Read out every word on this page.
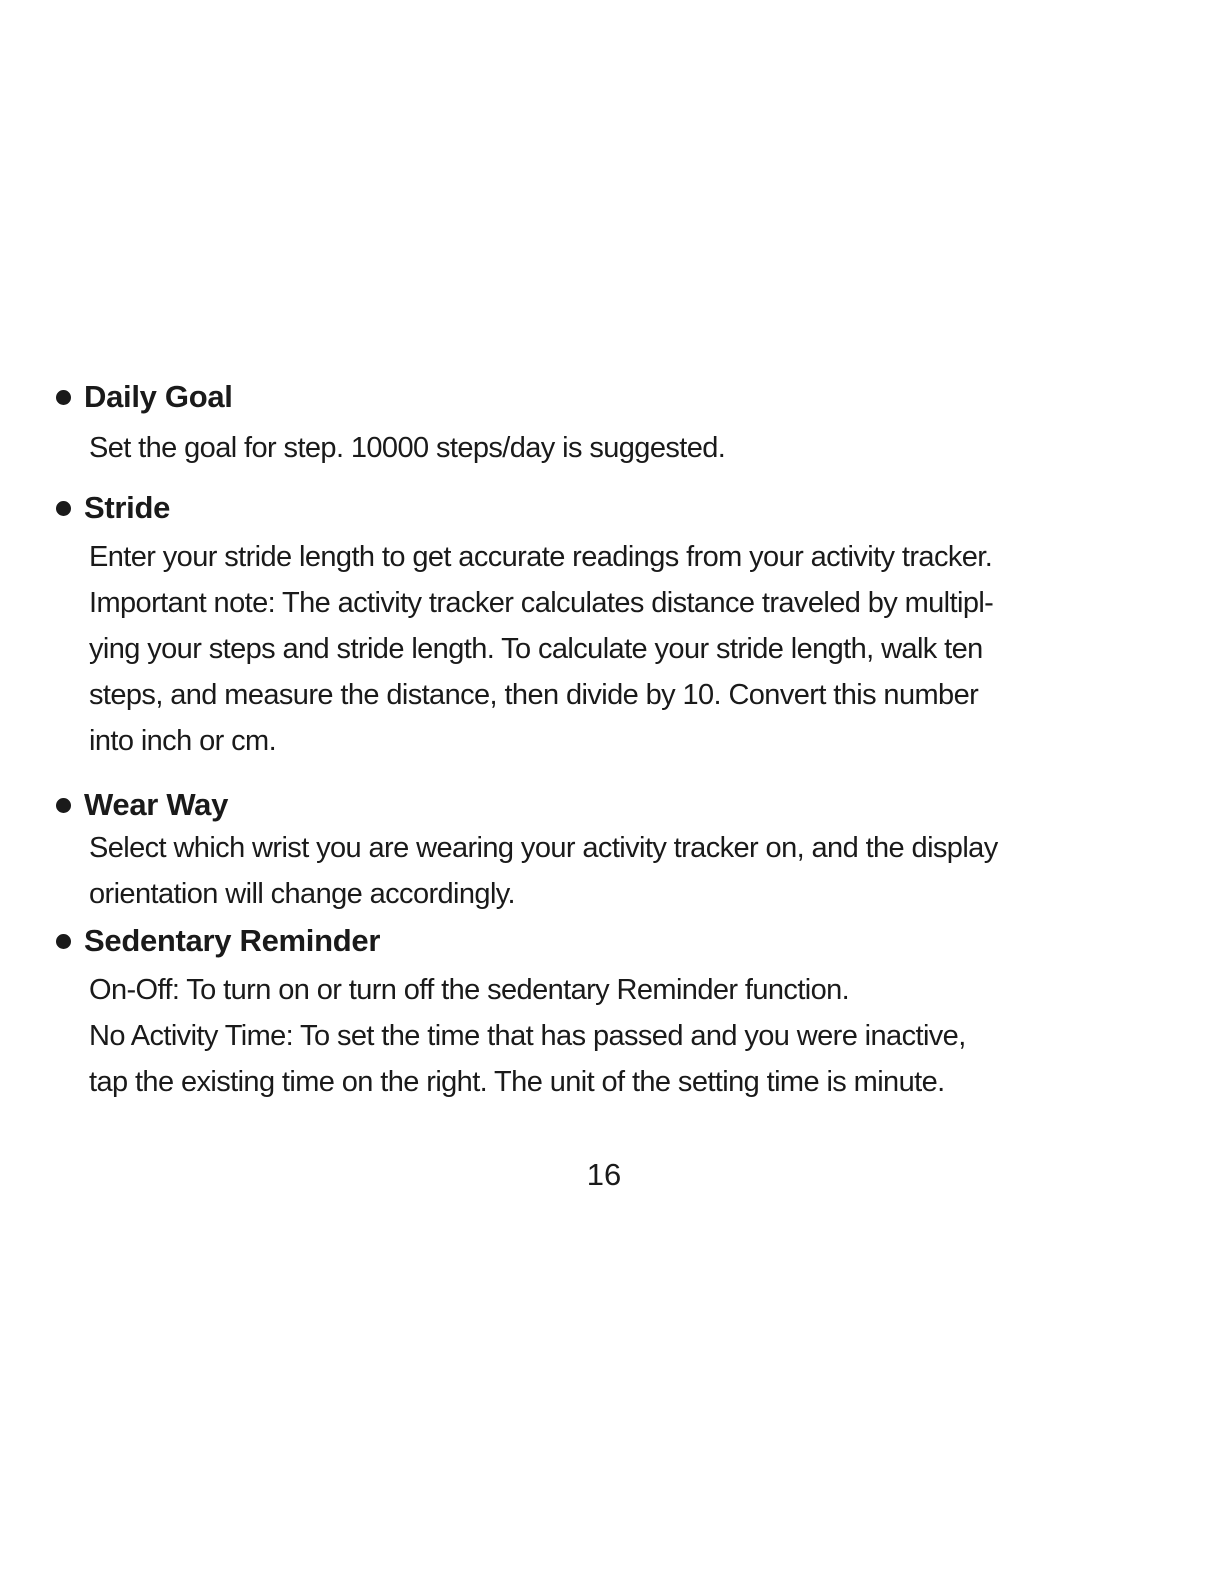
Daily Goal
Set the goal for step. 10000 steps/day is suggested.
Stride
Enter your stride length to get accurate readings from your activity tracker.
Important note: The activity tracker calculates distance traveled by multipl-
ying your steps and stride length. To calculate your stride length, walk ten
steps, and measure the distance, then divide by 10. Convert this number
into inch or cm.
Wear Way
Select which wrist you are wearing your activity tracker on, and the display
orientation will change accordingly.
Sedentary Reminder
On-Off: To turn on or turn off the sedentary Reminder function.
No Activity Time: To set the time that has passed and you were inactive,
tap the existing time on the right. The unit of the setting time is minute.
16
